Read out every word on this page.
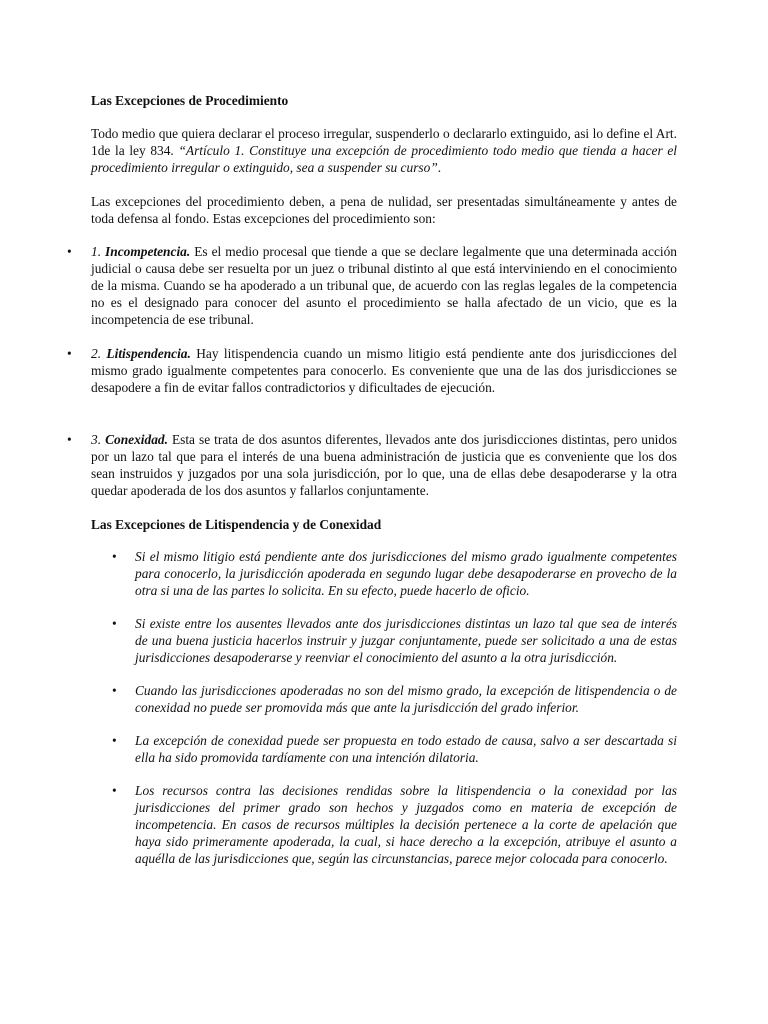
Las Excepciones de Procedimiento

Todo medio que quiera declarar el proceso irregular, suspenderlo o declararlo extinguido, asi lo define el Art. 1de la ley 834. “Artículo 1. Constituye una excepción de procedimiento todo medio que tienda a hacer el procedimiento irregular o extinguido, sea a suspender su curso”.

Las excepciones del procedimiento deben, a pena de nulidad, ser presentadas simultáneamente y antes de toda defensa al fondo. Estas excepciones del procedimiento son:

• 1. Incompetencia. Es el medio procesal que tiende a que se declare legalmente que una determinada acción judicial o causa debe ser resuelta por un juez o tribunal distinto al que está interviniendo en el conocimiento de la misma. Cuando se ha apoderado a un tribunal que, de acuerdo con las reglas legales de la competencia no es el designado para conocer del asunto el procedimiento se halla afectado de un vicio, que es la incompetencia de ese tribunal.
• 2. Litispendencia. Hay litispendencia cuando un mismo litigio está pendiente ante dos jurisdicciones del mismo grado igualmente competentes para conocerlo. Es conveniente que una de las dos jurisdicciones se desapodere a fin de evitar fallos contradictorios y dificultades de ejecución.
• 3. Conexidad. Esta se trata de dos asuntos diferentes, llevados ante dos jurisdicciones distintas, pero unidos por un lazo tal que para el interés de una buena administración de justicia que es conveniente que los dos sean instruidos y juzgados por una sola jurisdicción, por lo que, una de ellas debe desapoderarse y la otra quedar apoderada de los dos asuntos y fallarlos conjuntamente.

Las Excepciones de Litispendencia y de Conexidad

• Si el mismo litigio está pendiente ante dos jurisdicciones del mismo grado igualmente competentes para conocerlo, la jurisdicción apoderada en segundo lugar debe desapoderarse en provecho de la otra si una de las partes lo solicita. En su efecto, puede hacerlo de oficio.
• Si existe entre los ausentes llevados ante dos jurisdicciones distintas un lazo tal que sea de interés de una buena justicia hacerlos instruir y juzgar conjuntamente, puede ser solicitado a una de estas jurisdicciones desapoderarse y reenviar el conocimiento del asunto a la otra jurisdicción.
• Cuando las jurisdicciones apoderadas no son del mismo grado, la excepción de litispendencia o de conexidad no puede ser promovida más que ante la jurisdicción del grado inferior.
• La excepción de conexidad puede ser propuesta en todo estado de causa, salvo a ser descartada si ella ha sido promovida tardíamente con una intención dilatoria.
• Los recursos contra las decisiones rendidas sobre la litispendencia o la conexidad por las jurisdicciones del primer grado son hechos y juzgados como en materia de excepción de incompetencia. En casos de recursos múltiples la decisión pertenece a la corte de apelación que haya sido primeramente apoderada, la cual, si hace derecho a la excepción, atribuye el asunto a aquélla de las jurisdicciones que, según las circunstancias, parece mejor colocada para conocerlo.
